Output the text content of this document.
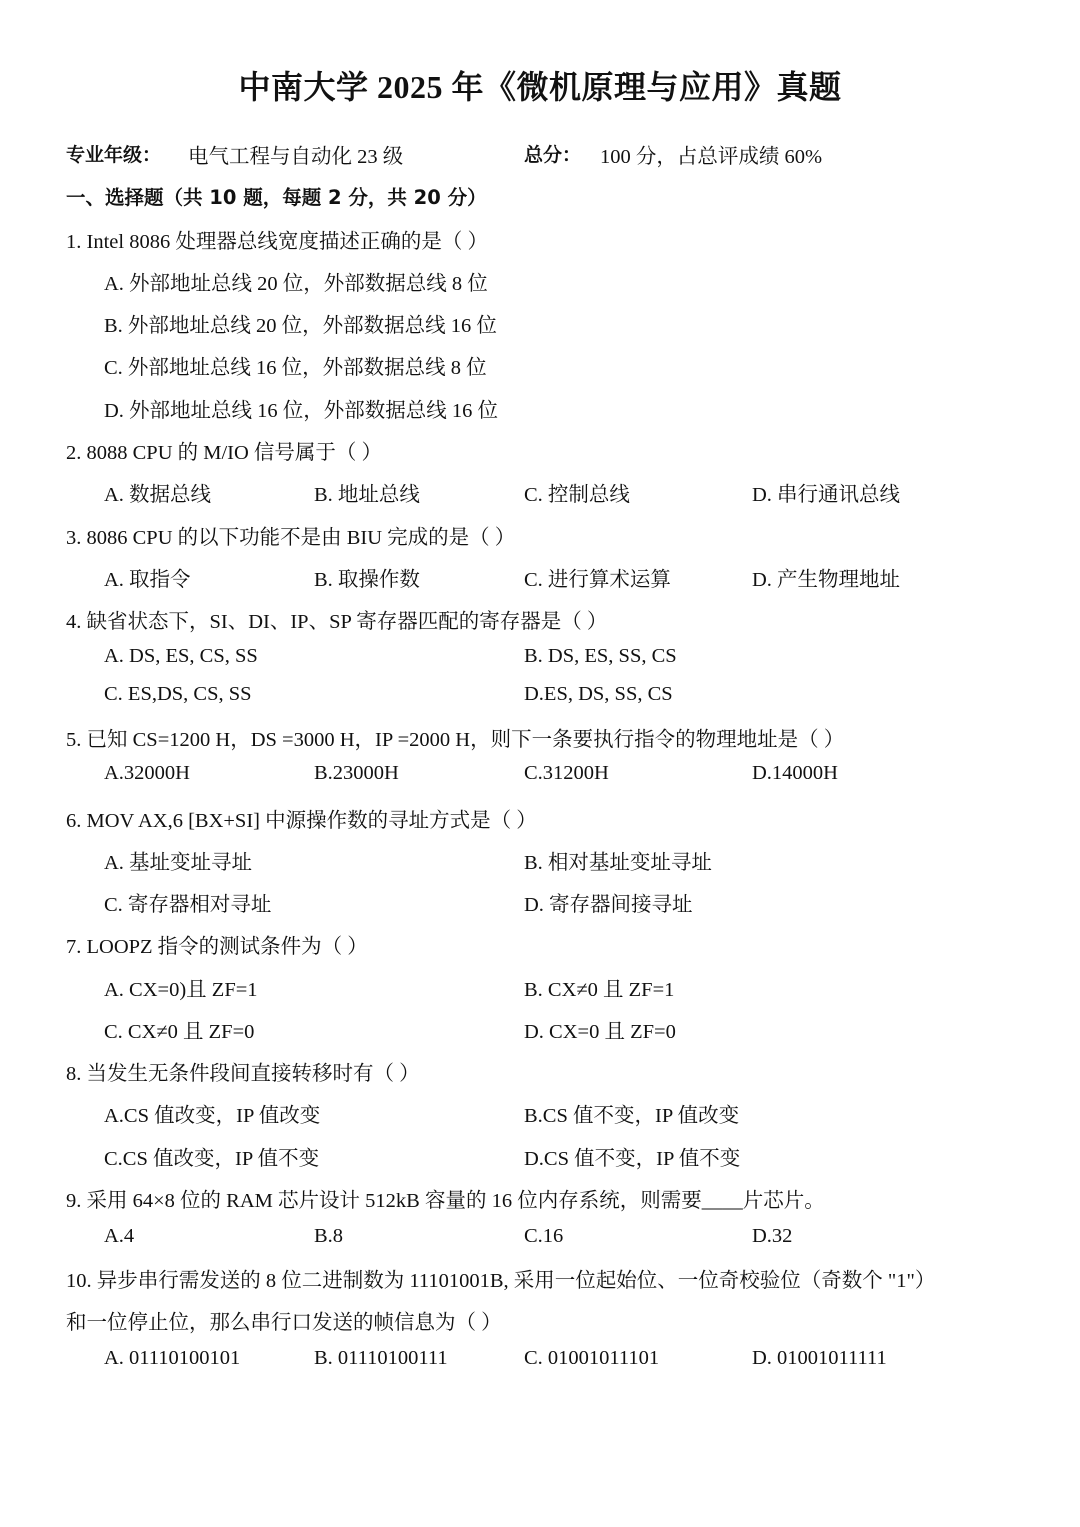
中南大学 2025 年《微机原理与应用》真题
专业年级： 电气工程与自动化 23 级	总分： 100 分，占总评成绩 60%
一、选择题（共 10 题，每题 2 分，共 20 分）
1. Intel 8086 处理器总线宽度描述正确的是（ ）
A. 外部地址总线 20 位，外部数据总线 8 位
B. 外部地址总线 20 位，外部数据总线 16 位
C. 外部地址总线 16 位，外部数据总线 8 位
D. 外部地址总线 16 位，外部数据总线 16 位
2. 8088 CPU 的 M/IO 信号属于（ ）
A. 数据总线	B. 地址总线	C. 控制总线	D. 串行通讯总线
3. 8086 CPU 的以下功能不是由 BIU 完成的是（ ）
A. 取指令	B. 取操作数	C. 进行算术运算	D. 产生物理地址
4. 缺省状态下，SI、DI、IP、SP 寄存器匹配的寄存器是（ ）
A. DS, ES, CS, SS	B. DS, ES, SS, CS
C. ES,DS, CS, SS	D.ES, DS, SS, CS
5. 已知 CS=1200 H，DS =3000 H，IP =2000 H，则下一条要执行指令的物理地址是（ ）
A.32000H	B.23000H	C.31200H	D.14000H
6. MOV AX,6 [BX+SI] 中源操作数的寻址方式是（ ）
A. 基址变址寻址	B. 相对基址变址寻址
C. 寄存器相对寻址	D. 寄存器间接寻址
7. LOOPZ 指令的测试条件为（ ）
A. CX=0)且 ZF=1	B. CX≠0 且 ZF=1
C. CX≠0 且 ZF=0	D. CX=0 且 ZF=0
8. 当发生无条件段间直接转移时有（ ）
A.CS 值改变，IP 值改变	B.CS 值不变，IP 值改变
C.CS 值改变，IP 值不变	D.CS 值不变，IP 值不变
9. 采用 64×8 位的 RAM 芯片设计 512kB 容量的 16 位内存系统，则需要____片芯片。
A.4	B.8	C.16	D.32
10. 异步串行需发送的 8 位二进制数为 11101001B, 采用一位起始位、一位奇校验位（奇数个 "1"）
和一位停止位，那么串行口发送的帧信息为（ ）
A. 01110100101	B. 01110100111	C. 01001011101	D. 01001011111
